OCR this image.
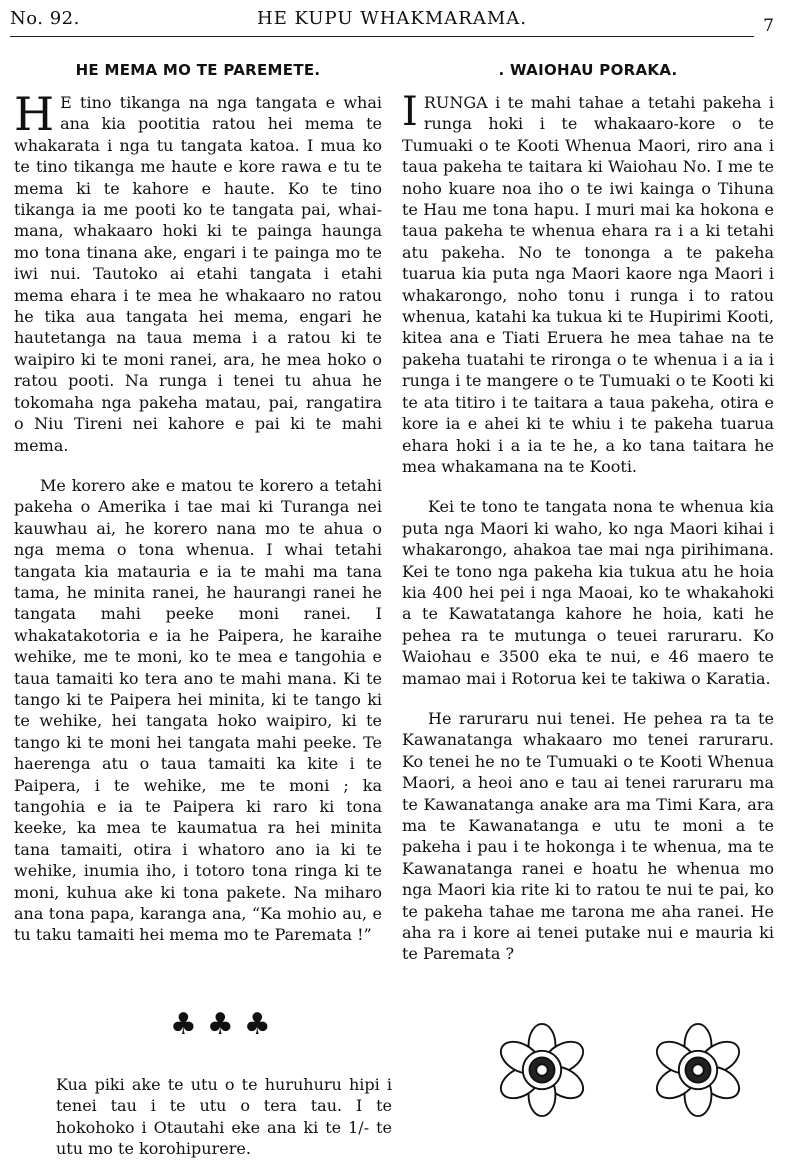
No. 92.	HE KUPU WHAKMARAMA.	7
HE MEMA MO TE PAREMETE.

H E tino tikanga na nga tangata e whai ana kia pootitia ratou hei mema te whakarata i nga tu tangata katoa. I mua ko te tino tikanga me haute e kore rawa e tu te mema ki te kahore e haute. Ko te tino tikanga ia me pooti ko te tangata pai, whai-mana, whakaaro hoki ki te painga haunga mo tona tinana ake, engari i te painga mo te iwi nui. Tautoko ai etahi tangata i etahi mema ehara i te mea he whakaaro no ratou he tika aua tangata hei mema, engari he hautetanga na taua mema i a ratou ki te waipiro ki te moni ranei, ara, he mea hoko o ratou pooti. Na runga i tenei tu ahua he tokomaha nga pakeha matau, pai, rangatira o Niu Tireni nei kahore e pai ki te mahi mema.

Me korero ake e matou te korero a tetahi pakeha o Amerika i tae mai ki Turanga nei kauwhau ai, he korero nana mo te ahua o nga mema o tona whenua. I whai tetahi tangata kia matauria e ia te mahi ma tana tama, he minita ranei, he haurangi ranei he tangata mahi peeke moni ranei. I whakatakotoria e ia he Paipera, he karaihe wehike, me te moni, ko te mea e tangohia e taua tamaiti ko tera ano te mahi mana. Ki te tango ki te Paipera hei minita, ki te tango ki te wehike, hei tangata hoko waipiro, ki te tango ki te moni hei tangata mahi peeke. Te haerenga atu o taua tamaiti ka kite i te Paipera, i te wehike, me te moni ; ka tangohia e ia te Paipera ki raro ki tona keeke, ka mea te kaumatua ra hei minita tana tamaiti, otira i whatoro ano ia ki te wehike, inumia iho, i totoro tona ringa ki te moni, kuhua ake ki tona pakete. Na miharo ana tona papa, karanga ana, “Ka mohio au, e tu taku tamaiti hei mema mo te Paremata !”

. WAIOHAU PORAKA.

IRUNGA i te mahi tahae a tetahi pakeha i runga hoki i te whakaaro-kore o te Tumuaki o te Kooti Whenua Maori, riro ana i taua pakeha te taitara ki Waiohau No. I me te noho kuare noa iho o te iwi kainga o Tihuna te Hau me tona hapu. I muri mai ka hokona e taua pakeha te whenua ehara ra i a ki tetahi atu pakeha. No te tononga a te pakeha tuarua kia puta nga Maori kaore nga Maori i whakarongo, noho tonu i runga i to ratou whenua, katahi ka tukua ki te Hupirimi Kooti, kitea ana e Tiati Eruera he mea tahae na te pakeha tuatahi te rironga o te whenua i a ia i runga i te mangere o te Tumuaki o te Kooti ki te ata titiro i te taitara a taua pakeha, otira e kore ia e ahei ki te whiu i te pakeha tuarua ehara hoki i a ia te he, a ko tana taitara he mea whakamana na te Kooti.

Kei te tono te tangata nona te whenua kia puta nga Maori ki waho, ko nga Maori kihai i whakarongo, ahakoa tae mai nga pirihimana. Kei te tono nga pakeha kia tukua atu he hoia kia 400 hei pei i nga Maoai, ko te whakahoki a te Kawatatanga kahore he hoia, kati he pehea ra te mutunga o teuei raruraru. Ko Waiohau e 3500 eka te nui, e 46 maero te mamao mai i Rotorua kei te takiwa o Karatia.

He raruraru nui tenei. He pehea ra ta te Kawanatanga whakaaro mo tenei raruraru. Ko tenei he no te Tumuaki o te Kooti Whenua Maori, a heoi ano e tau ai tenei raruraru ma te Kawanatanga anake ara ma Timi Kara, ara ma te Kawanatanga e utu te moni a te pakeha i pau i te hokonga i te whenua, ma te Kawanatanga ranei e hoatu he whenua mo nga Maori kia rite ki to ratou te nui te pai, ko te pakeha tahae me tarona me aha ranei. He aha ra i kore ai tenei putake nui e mauria ki te Paremata ?

♣ ♣ ♣

Kua piki ake te utu o te huruhuru hipi i tenei tau i te utu o tera tau. I te hokohoko i Otautahi eke ana ki te 1/- te utu mo te korohipurere.
